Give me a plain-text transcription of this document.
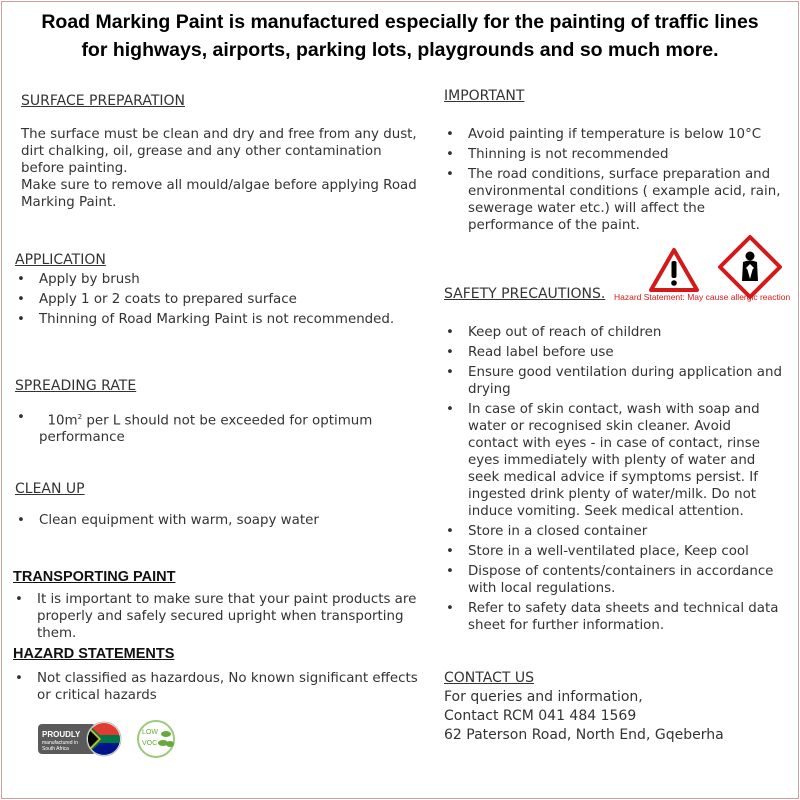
Road Marking Paint is manufactured especially for the painting of traffic lines
for highways, airports, parking lots, playgrounds and so much more.
SURFACE PREPARATION

The surface must be clean and dry and free from any dust, dirt chalking, oil, grease and any other contamination before painting.

Make sure to remove all mould/algae before applying Road Marking Paint.

APPLICATION
• Apply by brush
• Apply 1 or 2 coats to prepared surface
• Thinning of Road Marking Paint is not recommended.
SPREADING RATE
• $10m^2$ per L should not be exceeded for optimum performance
CLEAN UP
• Clean equipment with warm, soapy water
TRANSPORTING PAINT
• It is important to make sure that your paint products are properly and safely secured upright when transporting them.
HAZARD STATEMENTS
• Not classified as hazardous, No known significant effects or critical hazards
PROUDLY
manufactured in
South Africa
LOW
VOC
IMPORTANT
• Avoid painting if temperature is below 10°C
• Thinning is not recommended
• The road conditions, surface preparation and environmental conditions ( example acid, rain, sewerage water etc.) will affect the performance of the paint.
Hazard Statement: May cause allergic reaction
SAFETY PRECAUTIONS.
• Keep out of reach of children
• Read label before use
• Ensure good ventilation during application and drying
• In case of skin contact, wash with soap and water or recognised skin cleaner. Avoid contact with eyes - in case of contact, rinse eyes immediately with plenty of water and seek medical advice if symptoms persist. If ingested drink plenty of water/milk. Do not induce vomiting. Seek medical attention.
• Store in a closed container
• Store in a well-ventilated place, Keep cool
• Dispose of contents/containers in accordance with local regulations.
• Refer to safety data sheets and technical data sheet for further information.
CONTACT US
For queries and information,
Contact RCM 041 484 1569
62 Paterson Road, North End, Gqeberha
